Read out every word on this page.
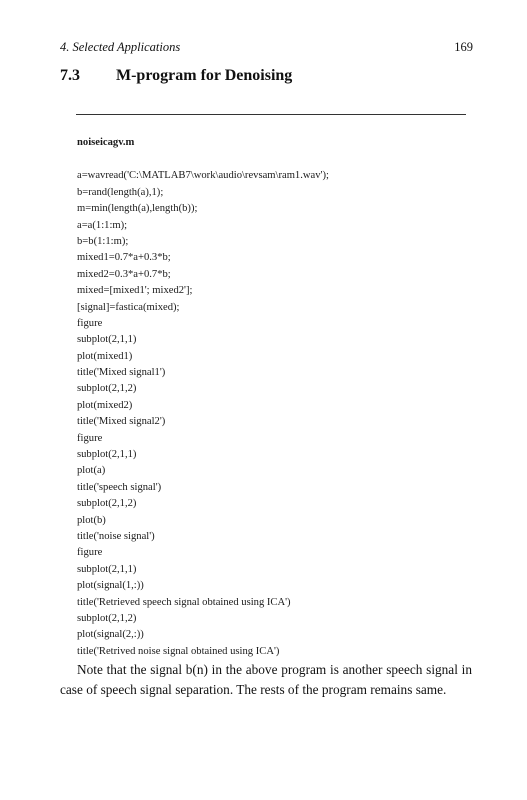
4. Selected Applications	169
7.3 M-program for Denoising
noiseicagv.m
a=wavread('C:\MATLAB7\work\audio\revsam\ram1.wav');
b=rand(length(a),1);
m=min(length(a),length(b));
a=a(1:1:m);
b=b(1:1:m);
mixed1=0.7*a+0.3*b;
mixed2=0.3*a+0.7*b;
mixed=[mixed1'; mixed2'];
[signal]=fastica(mixed);
figure
subplot(2,1,1)
plot(mixed1)
title('Mixed signal1')
subplot(2,1,2)
plot(mixed2)
title('Mixed signal2')
figure
subplot(2,1,1)
plot(a)
title('speech signal')
subplot(2,1,2)
plot(b)
title('noise signal')
figure
subplot(2,1,1)
plot(signal(1,:))
title('Retrieved speech signal obtained using ICA')
subplot(2,1,2)
plot(signal(2,:))
title('Retrived noise signal obtained using ICA')
Note that the signal b(n) in the above program is another speech signal in case of speech signal separation. The rests of the program remains same.
